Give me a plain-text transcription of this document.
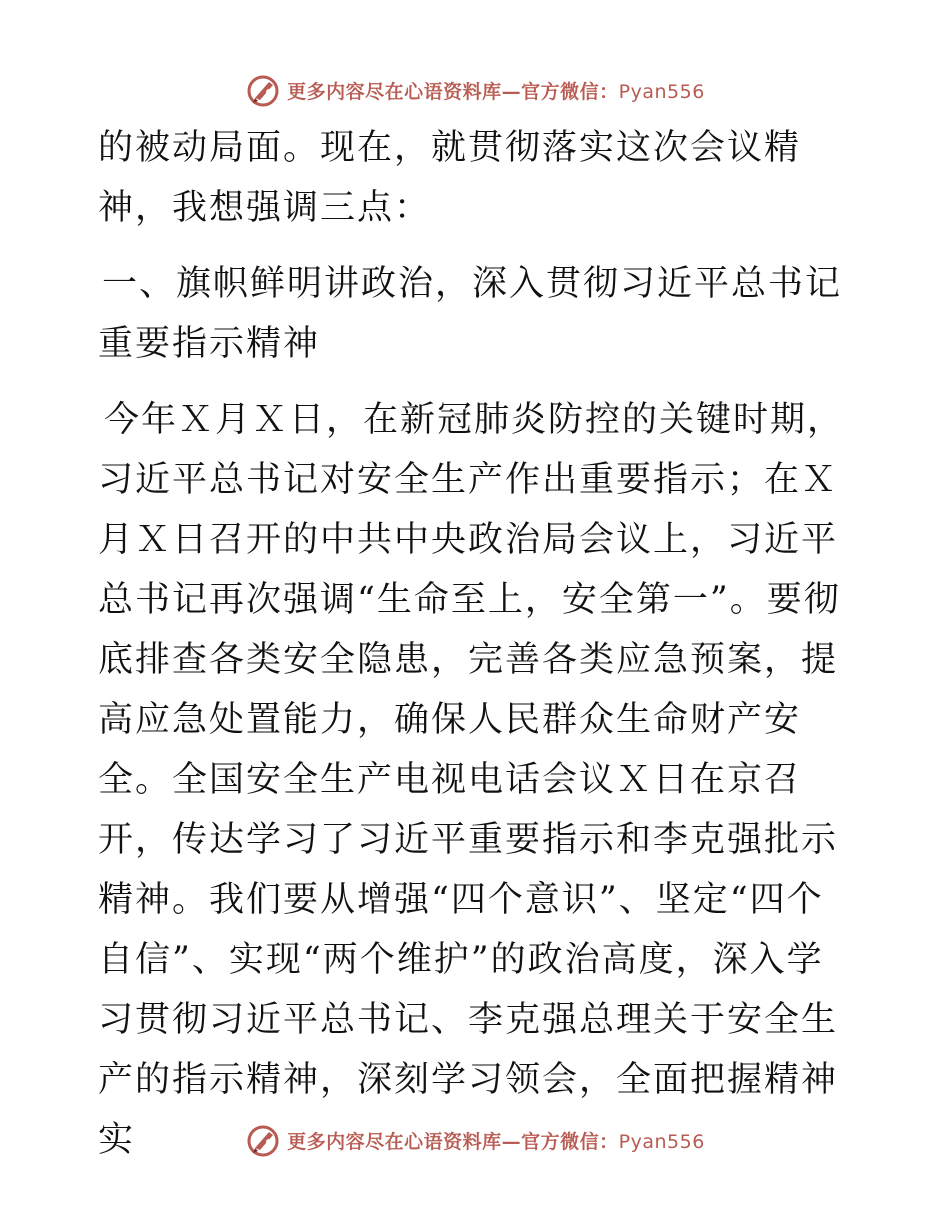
更多内容尽在心语资料库—官方微信：Pyan556

的被动局面。现在，就贯彻落实这次会议精神，我想强调三点：

一、旗帜鲜明讲政治，深入贯彻习近平总书记重要指示精神

今年Ｘ月Ｘ日，在新冠肺炎防控的关键时期，习近平总书记对安全生产作出重要指示；在Ｘ月Ｘ日召开的中共中央政治局会议上，习近平总书记再次强调“生命至上，安全第一”。要彻底排查各类安全隐患，完善各类应急预案，提高应急处置能力，确保人民群众生命财产安全。全国安全生产电视电话会议Ｘ日在京召开，传达学习了习近平重要指示和李克强批示精神。我们要从增强“四个意识”、坚定“四个自信”、实现“两个维护”的政治高度，深入学习贯彻习近平总书记、李克强总理关于安全生产的指示精神，深刻学习领会，全面把握精神实	更多内容尽在心语资料库—官方微信：Pyan556
